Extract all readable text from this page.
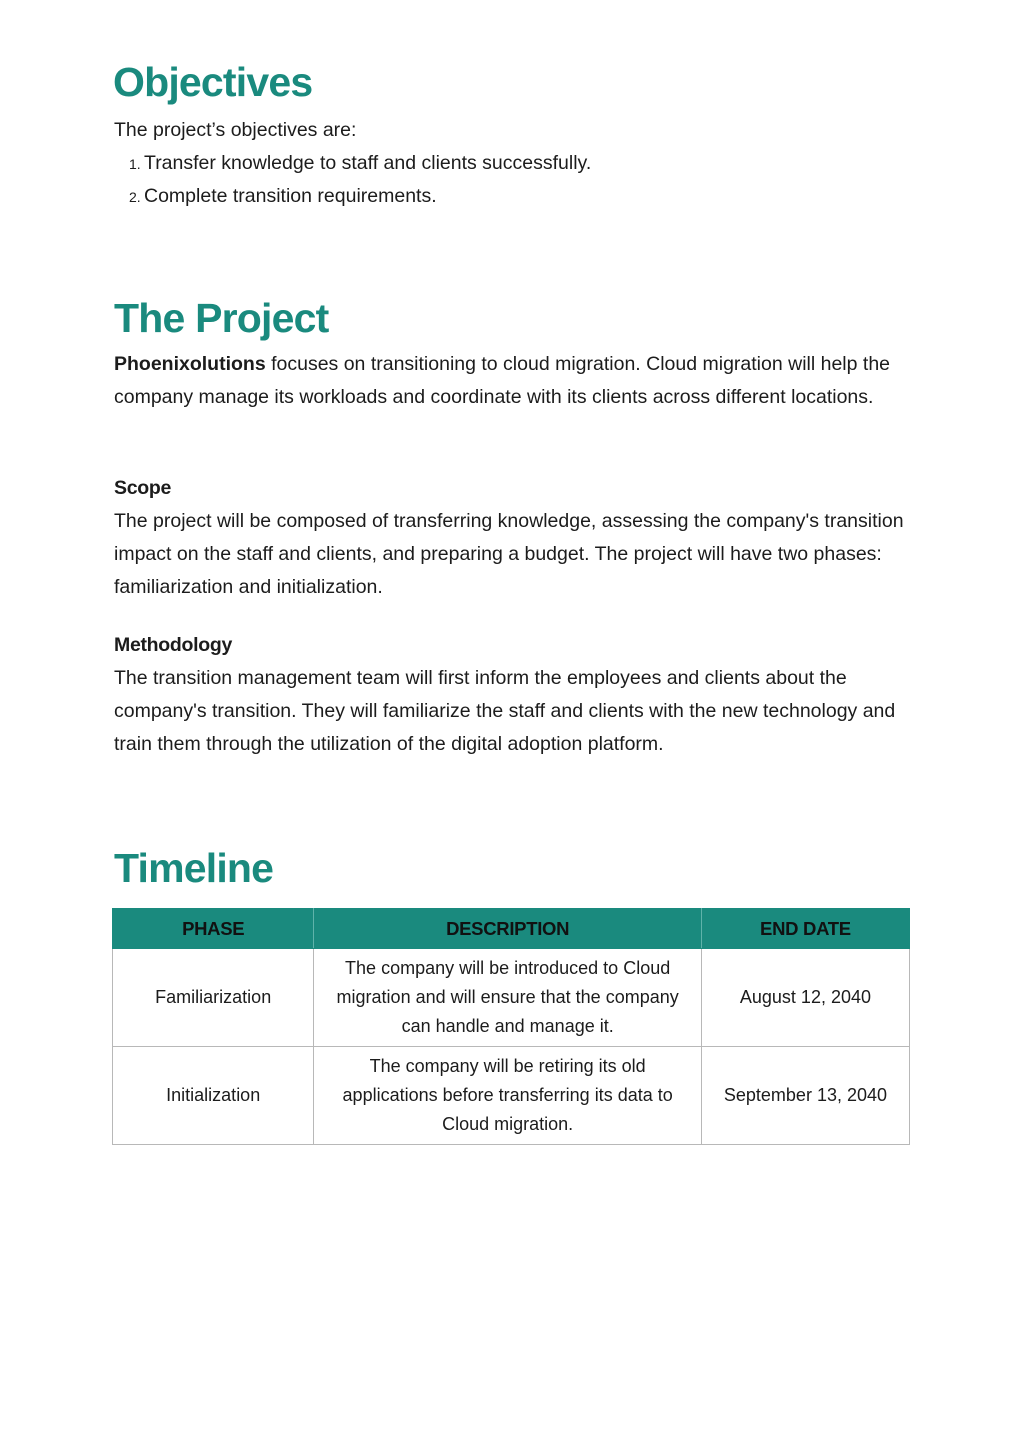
Objectives

The project’s objectives are:

1. Transfer knowledge to staff and clients successfully.
2. Complete transition requirements.
The Project

Phoenixolutions focuses on transitioning to cloud migration. Cloud migration will help the company manage its workloads and coordinate with its clients across different locations.

Scope

The project will be composed of transferring knowledge, assessing the company's transition impact on the staff and clients, and preparing a budget. The project will have two phases: familiarization and initialization.

Methodology

The transition management team will first inform the employees and clients about the company's transition. They will familiarize the staff and clients with the new technology and train them through the utilization of the digital adoption platform.

Timeline
PHASE	DESCRIPTION	END DATE
Familiarization	The company will be introduced to Cloud migration and will ensure that the company can handle and manage it.	August 12, 2040
Initialization	The company will be retiring its old applications before transferring its data to Cloud migration.	September 13, 2040
